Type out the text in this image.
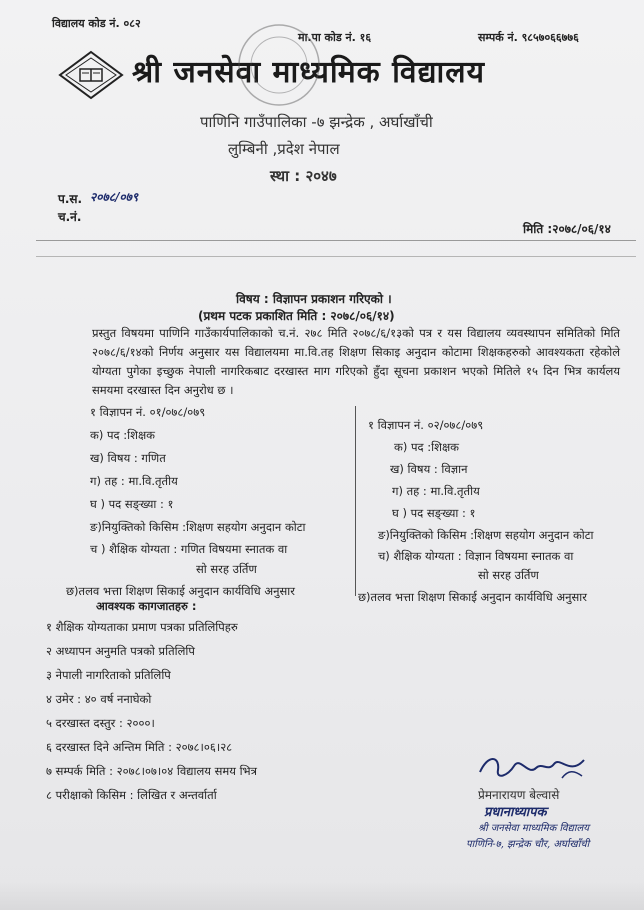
विद्यालय कोड नं. ०८२
मा.पा कोड नं. १६	सम्पर्क नं. ९८५७०६६७७६
श्री जनसेवा माध्यमिक विद्यालय
पाणिनि गाउँपालिका -७ झन्द्रेक , अर्घाखाँची
लुम्बिनी ,प्रदेश नेपाल
स्था : २०४७
प.स. २०७८/०७९
च.नं.
मिति :२०७८/०६/१४
विषय : विज्ञापन प्रकाशन गरिएको ।
(प्रथम पटक प्रकाशित मिति : २०७८/०६/१४)
प्रस्तुत विषयमा पाणिनि गाउँकार्यपालिकाको च.नं. २७८ मिति २०७८/६/१३को पत्र र यस विद्यालय व्यवस्थापन समितिको मिति २०७८/६/१४को निर्णय अनुसार यस विद्यालयमा मा.वि.तह शिक्षण सिकाइ अनुदान कोटामा शिक्षकहरुको आवश्यकता रहेकोले योग्यता पुगेका इच्छुक नेपाली नागरिकबाट दरखास्त माग गरिएको हुँदा सूचना प्रकाशन भएको मितिले १५ दिन भित्र कार्यलय समयमा दरखास्त दिन अनुरोध छ ।
१ विज्ञापन नं. ०१/०७८/०७९
क) पद :शिक्षक
ख) विषय : गणित
ग) तह : मा.वि.तृतीय
घ ) पद सङ्ख्या : १
ङ)नियुक्तिको किसिम :शिक्षण सहयोग अनुदान कोटा
च ) शैक्षिक योग्यता : गणित विषयमा स्नातक वा
सो सरह उर्तिण
छ)तलव भत्ता शिक्षण सिकाई अनुदान कार्यविधि अनुसार
१ विज्ञापन नं. ०२/०७८/०७९
क) पद :शिक्षक
ख) विषय : विज्ञान
ग) तह : मा.वि.तृतीय
घ ) पद सङ्ख्या : १
ङ)नियुक्तिको किसिम :शिक्षण सहयोग अनुदान कोटा
च) शैक्षिक योग्यता : विज्ञान विषयमा स्नातक वा
सो सरह उर्तिण
छ)तलव भत्ता शिक्षण सिकाई अनुदान कार्यविधि अनुसार
आवश्यक कागजातहरु :
१ शैक्षिक योग्यताका प्रमाण पत्रका प्रतिलिपिहरु
२ अध्यापन अनुमति पत्रको प्रतिलिपि
३ नेपाली नागरिताको प्रतिलिपि
४ उमेर : ४० वर्ष ननाघेको
५ दरखास्त दस्तुर : २०००।
६ दरखास्त दिने अन्तिम मिति : २०७८।०६।२८
७ सम्पर्क मिति : २०७८।०७।०४ विद्यालय समय भित्र
८ परीक्षाको किसिम : लिखित र अन्तर्वार्ता	प्रेमनारायण बेल्वासे
प्रधानाध्यापक
श्री जनसेवा माध्यमिक विद्यालय
पाणिनि-७, झन्द्रेक चौर, अर्घाखाँची
